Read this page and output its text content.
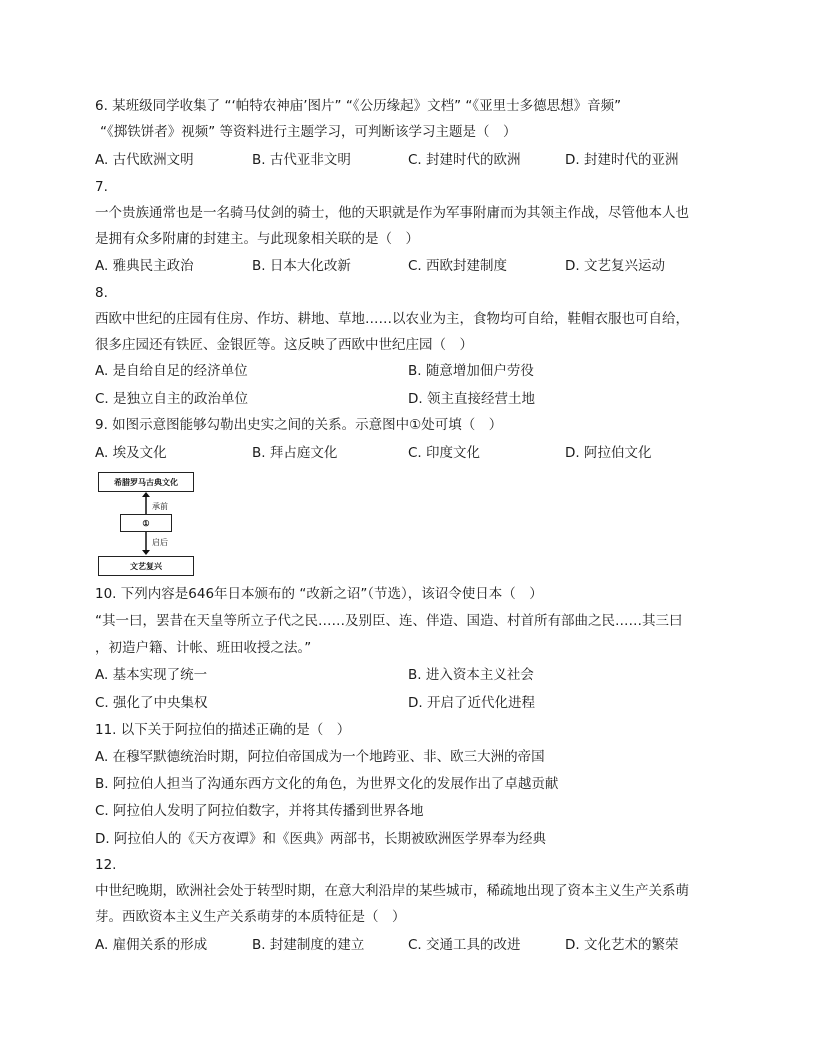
6. 某班级同学收集了 “‘帕特农神庙’图片” “《公历缘起》文档” “《亚里士多德思想》音频”
“《掷铁饼者》视频” 等资料进行主题学习，可判断该学习主题是（　）
A. 古代欧洲文明	B. 古代亚非文明	C. 封建时代的欧洲	D. 封建时代的亚洲
7.
一个贵族通常也是一名骑马仗剑的骑士，他的天职就是作为军事附庸而为其领主作战，尽管他本人也
是拥有众多附庸的封建主。与此现象相关联的是（　）
A. 雅典民主政治	B. 日本大化改新	C. 西欧封建制度	D. 文艺复兴运动
8.
西欧中世纪的庄园有住房、作坊、耕地、草地……以农业为主，食物均可自给，鞋帽衣服也可自给，
很多庄园还有铁匠、金银匠等。这反映了西欧中世纪庄园（　）
A. 是自给自足的经济单位	B. 随意增加佃户劳役
C. 是独立自主的政治单位	D. 领主直接经营土地
9. 如图示意图能够勾勒出史实之间的关系。示意图中①处可填（　）
A. 埃及文化	B. 拜占庭文化	C. 印度文化	D. 阿拉伯文化
希腊罗马古典文化
承前
①
启后
文艺复兴
10. 下列内容是646年日本颁布的 “改新之诏”（节选），该诏令使日本（　）
“其一曰，罢昔在天皇等所立子代之民……及别臣、连、伴造、国造、村首所有部曲之民……其三曰
，初造户籍、计帐、班田收授之法。”
A. 基本实现了统一	B. 进入资本主义社会
C. 强化了中央集权	D. 开启了近代化进程
11. 以下关于阿拉伯的描述正确的是（　）
A. 在穆罕默德统治时期，阿拉伯帝国成为一个地跨亚、非、欧三大洲的帝国
B. 阿拉伯人担当了沟通东西方文化的角色，为世界文化的发展作出了卓越贡献
C. 阿拉伯人发明了阿拉伯数字，并将其传播到世界各地
D. 阿拉伯人的《天方夜谭》和《医典》两部书，长期被欧洲医学界奉为经典
12.
中世纪晚期，欧洲社会处于转型时期，在意大利沿岸的某些城市，稀疏地出现了资本主义生产关系萌
芽。西欧资本主义生产关系萌芽的本质特征是（　）
A. 雇佣关系的形成	B. 封建制度的建立	C. 交通工具的改进	D. 文化艺术的繁荣
